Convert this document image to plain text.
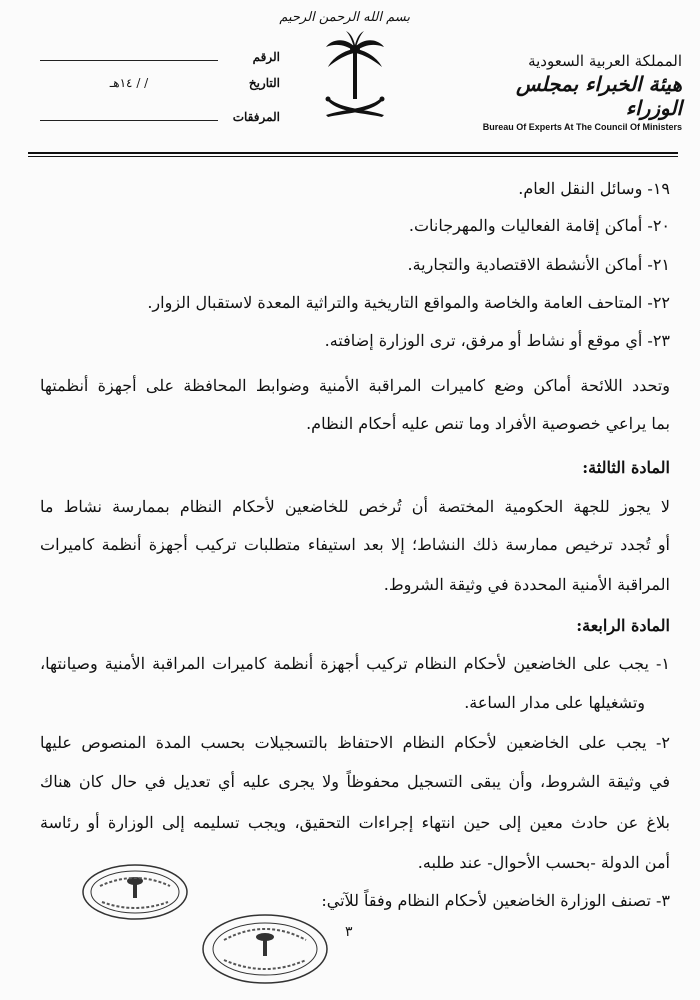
الرقم
التاريخ
/ / ١٤هـ
المرفقات
بسم الله الرحمن الرحيم
المملكة العربية السعودية
هيئة الخبراء بمجلس الوزراء
Bureau Of Experts At The Council Of Ministers
١٩- وسائل النقل العام.
٢٠- أماكن إقامة الفعاليات والمهرجانات.
٢١- أماكن الأنشطة الاقتصادية والتجارية.
٢٢- المتاحف العامة والخاصة والمواقع التاريخية والتراثية المعدة لاستقبال الزوار.
٢٣- أي موقع أو نشاط أو مرفق، ترى الوزارة إضافته.
وتحدد اللائحة أماكن وضع كاميرات المراقبة الأمنية وضوابط المحافظة على أجهزة أنظمتها
بما يراعي خصوصية الأفراد وما تنص عليه أحكام النظام.
المادة الثالثة:
لا يجوز للجهة الحكومية المختصة أن تُرخص للخاضعين لأحكام النظام بممارسة نشاط ما
أو تُجدد ترخيص ممارسة ذلك النشاط؛ إلا بعد استيفاء متطلبات تركيب أجهزة أنظمة كاميرات
المراقبة الأمنية المحددة في وثيقة الشروط.
المادة الرابعة:
١- يجب على الخاضعين لأحكام النظام تركيب أجهزة أنظمة كاميرات المراقبة الأمنية وصيانتها،
وتشغيلها على مدار الساعة.
٢- يجب على الخاضعين لأحكام النظام الاحتفاظ بالتسجيلات بحسب المدة المنصوص عليها
في وثيقة الشروط، وأن يبقى التسجيل محفوظاً ولا يجرى عليه أي تعديل في حال كان هناك
بلاغ عن حادث معين إلى حين انتهاء إجراءات التحقيق، ويجب تسليمه إلى الوزارة أو رئاسة
أمن الدولة -بحسب الأحوال- عند طلبه.
٣- تصنف الوزارة الخاضعين لأحكام النظام وفقاً للآتي:
٣
